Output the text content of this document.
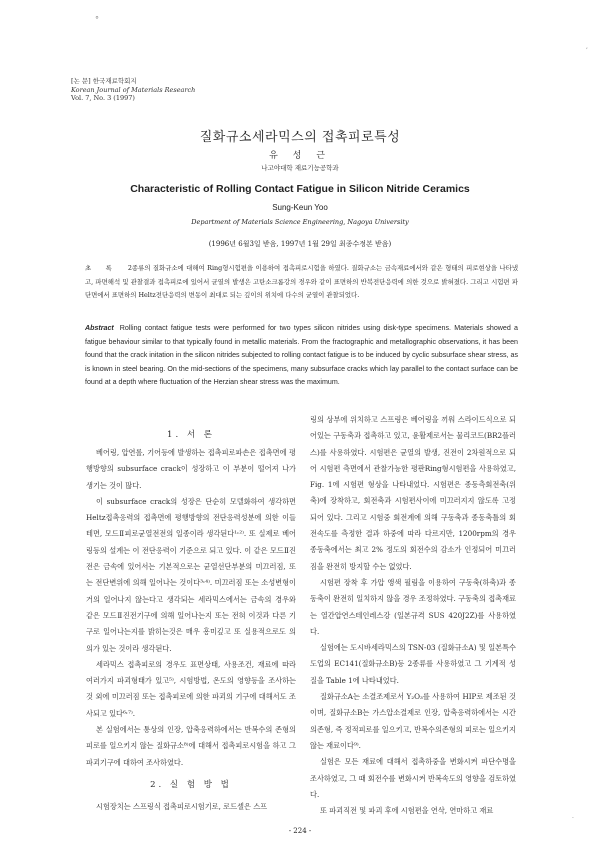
°
,
·
[논 문] 한국재료학회지
Korean Journal of Materials Research
Vol. 7, No. 3 (1997)
질화규소세라믹스의 접촉피로특성
유 성 근
나고야대학 재료기능공학과
Characteristic of Rolling Contact Fatigue in Silicon Nitride Ceramics
Sung-Keun Yoo
Department of Materials Science Engineering, Nagoya University
(1996년 6월3일 받음, 1997년 1월 29일 최종수정본 받음)
초 록 2종류의 질화규소에 대해여 Ring형시험편을 이용하여 접촉피로시험을 하였다. 질화규소는 금속재료에서와 같은 형태의 피로현상을 나타냈고, 파면해석 및 관찰결과 접촉피로에 있어서 균열의 발생은 고탄소크롬강의 경우와 같이 표면하의 반복전단응력에 의한 것으로 밝혀졌다. 그리고 시험편 파단면에서 표면하의 Heltz전단응력의 변동이 최대로 되는 깊이의 위치에 다수의 균열이 관찰되었다.
Abstract Rolling contact fatigue tests were performed for two types silicon nitrides using disk-type specimens. Materials showed a fatigue behaviour similar to that typically found in metallic materials. From the fractographic and metallographic observations, it has been found that the crack initation in the silicon nitrides subjected to rolling contact fatigue is to be induced by cyclic subsurface shear stress, as is known in steel bearing. On the mid-sections of the specimens, many subsurface cracks which lay parallel to the contact surface can be found at a depth where fluctuation of the Herzian shear stress was the maximum.
1. 서 론

베어링, 압연롤, 기어등에 발생하는 접촉피로파손은 접촉면에 평행방향의 subsurface crack이 성장하고 이 부분이 떨어져 나가 생기는 것이 많다.

이 subsurface crack의 성장은 단순히 모델화하여 생각하면 Heltz접촉응력의 접촉면에 평행방향의 전단응력성분에 의한 이들테면, 모드Ⅱ피로균열전전의 일종이라 생각된다¹˒²⁾. 또 실제로 베어링등의 설계는 이 전단응력이 기준으로 되고 있다. 이 같은 모드Ⅱ진전은 금속에 있어서는 기본적으로는 균열선단부분의 미끄러짐, 또는 전단변위에 의해 일어나는 것이다³˒⁴⁾. 미끄러짐 또는 소성변형이 거의 일어나지 않는다고 생각되는 세라믹스에서는 금속의 경우와 같은 모드Ⅱ진전기구에 의해 일어나는지 또는 전혀 이것과 다른 기구로 일어나는지를 밝히는것은 매우 흥미깊고 또 실용적으로도 의의가 있는 것이라 생각된다.

세라믹스 접촉피로의 경우도 표면상태, 사용조건, 재료에 따라 여러가지 파괴형태가 있고⁵⁾, 시험방법, 온도의 영향등을 조사하는 것 외에 미끄러짐 또는 접촉피로에 의한 파괴의 기구에 대해서도 조사되고 있다⁶˒⁷⁾.

본 실험에서는 통상의 인장, 압축응력하에서는 반복수의 존형의 피로를 일으키지 않는 질화규소⁸⁾에 대해서 접촉피로시험을 하고 그 파괴기구에 대하여 조사하였다.

2. 실 험 방 법

시험장치는 스프링식 접촉피로시험기로, 로드셀은 스프

링의 상부에 위치하고 스프링은 베어링을 끼워 스라이드식으로 되어있는 구동축과 접촉하고 있고, 윤활제로서는 물리코드(BR2플러스)를 사용하였다. 시험편은 균열의 발생, 진전이 2차원적으로 되어 시험편 측면에서 관찰가능한 평판Ring형시험편을 사용하였고, Fig. 1에 시험편 형상을 나타내었다. 시험편은 종동측회전축(위축)에 장착하고, 회전축과 시험편사이에 미끄러지지 않도록 고정되어 있다. 그리고 시험중 회전계에 의해 구동축과 종동축틀의 회전속도를 측정한 결과 하중에 따라 다르지만, 1200rpm의 경우 종동축에서는 최고 2% 정도의 회전수의 감소가 인정되어 미끄러짐을 완전히 방지할 수는 없었다.

시험편 장착 후 가압 앵색 필림을 이용하여 구동축(하축)과 종동축이 완전히 일치하지 않을 경우 조정하였다. 구동축의 접촉재료는 열간압연스테인레스강 (일본규격 SUS 420J2Z)를 사용하였다.

실험에는 도시바세라믹스의 TSN-03 (질화규소A) 및 일본특수도업의 EC141(질화규소B)등 2종류를 사용하였고 그 기계적 성질을 Table 1에 나타내었다.

질화규소A는 소결조제로서 Y₂O₃를 사용하여 HIP로 제조된 것이며, 질화규소B는 가스압소결제로 인장, 압축응력하에서는 시간의존형, 즉 정적피로를 일으키고, 반복수의존형의 피로는 일으키지 않는 재료이다⁹⁾.

실험은 모든 재료에 대해서 접촉하중을 변화시켜 파단수명을 조사하였고, 그 때 회전수를 변화시켜 반복속도의 영향을 검토하였다.

또 파괴직전 및 파괴 후에 시험편을 연삭, 연마하고 재료

- 224 -
